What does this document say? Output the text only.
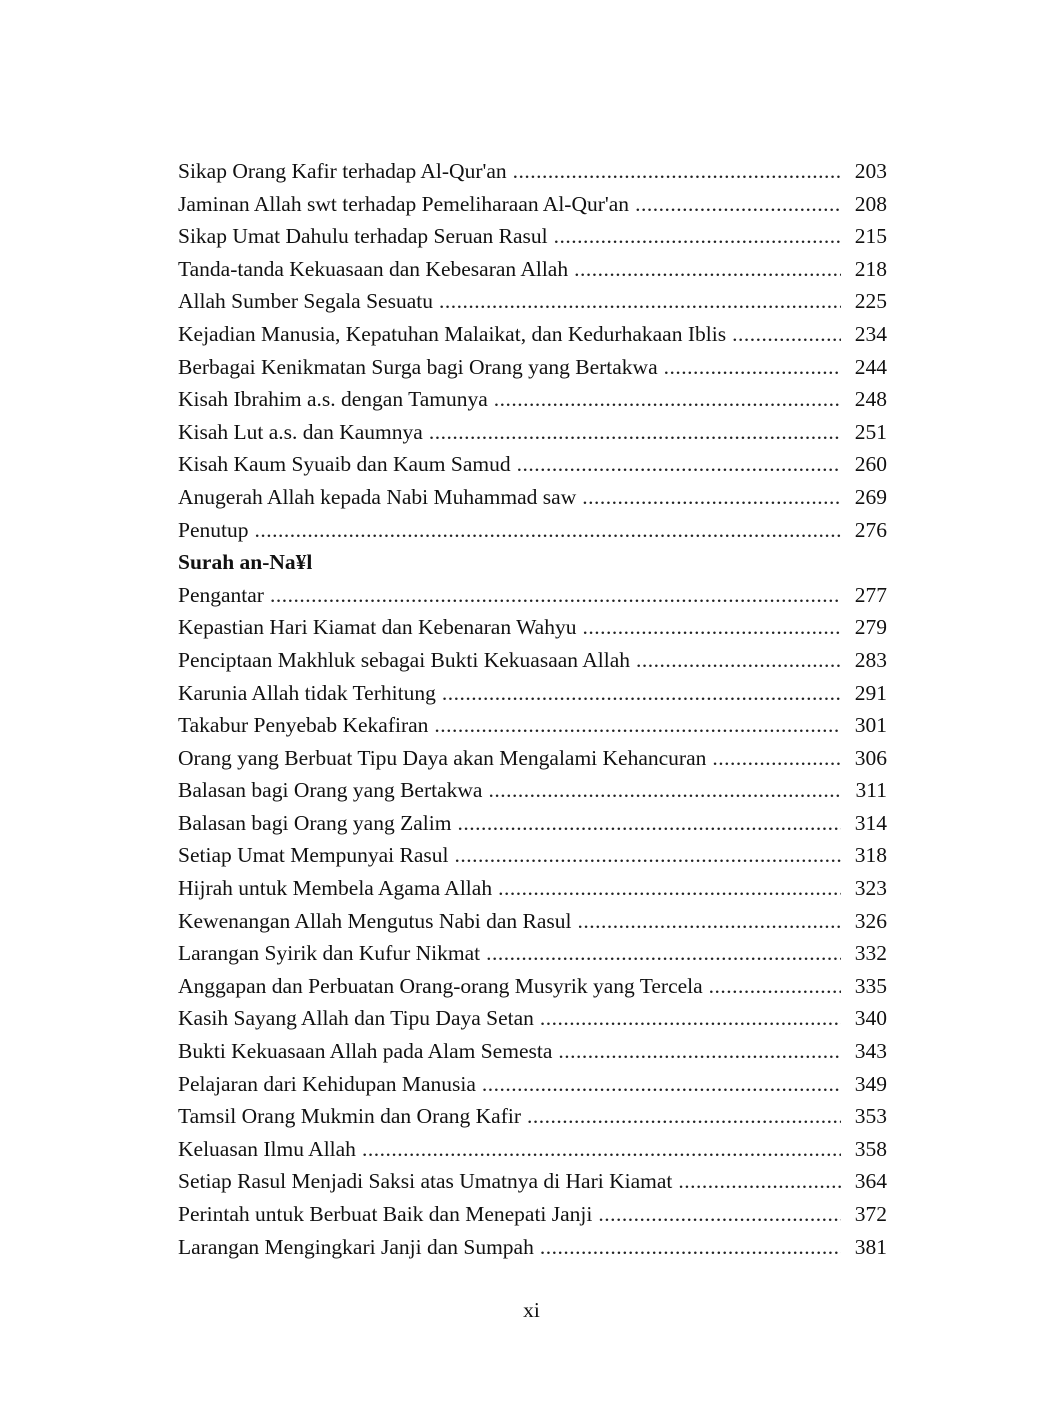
Sikap Orang Kafir terhadap Al-Qur'an .....	203
Jaminan Allah swt terhadap Pemeliharaan Al-Qur'an .....	208
Sikap Umat Dahulu terhadap Seruan Rasul .....	215
Tanda-tanda Kekuasaan dan Kebesaran Allah .....	218
Allah Sumber Segala Sesuatu .....	225
Kejadian Manusia, Kepatuhan Malaikat, dan Kedurhakaan Iblis .....	234
Berbagai Kenikmatan Surga bagi Orang yang Bertakwa .....	244
Kisah Ibrahim a.s. dengan Tamunya .....	248
Kisah Lut a.s. dan Kaumnya .....	251
Kisah Kaum Syuaib dan Kaum Samud .....	260
Anugerah Allah kepada Nabi Muhammad saw .....	269
Penutup .....	276
Surah an-Na¥l
Pengantar .....	277
Kepastian Hari Kiamat dan Kebenaran Wahyu .....	279
Penciptaan Makhluk sebagai Bukti Kekuasaan Allah .....	283
Karunia Allah tidak Terhitung .....	291
Takabur Penyebab Kekafiran .....	301
Orang yang Berbuat Tipu Daya akan Mengalami Kehancuran .....	306
Balasan bagi Orang yang Bertakwa .....	311
Balasan bagi Orang yang Zalim .....	314
Setiap Umat Mempunyai Rasul .....	318
Hijrah untuk Membela Agama Allah .....	323
Kewenangan Allah Mengutus Nabi dan Rasul .....	326
Larangan Syirik dan Kufur Nikmat .....	332
Anggapan dan Perbuatan Orang-orang Musyrik yang Tercela .....	335
Kasih Sayang Allah dan Tipu Daya Setan .....	340
Bukti Kekuasaan Allah pada Alam Semesta .....	343
Pelajaran dari Kehidupan Manusia .....	349
Tamsil Orang Mukmin dan Orang Kafir .....	353
Keluasan Ilmu Allah .....	358
Setiap Rasul Menjadi Saksi atas Umatnya di Hari Kiamat .....	364
Perintah untuk Berbuat Baik dan Menepati Janji .....	372
Larangan Mengingkari Janji dan Sumpah .....	381
xi
